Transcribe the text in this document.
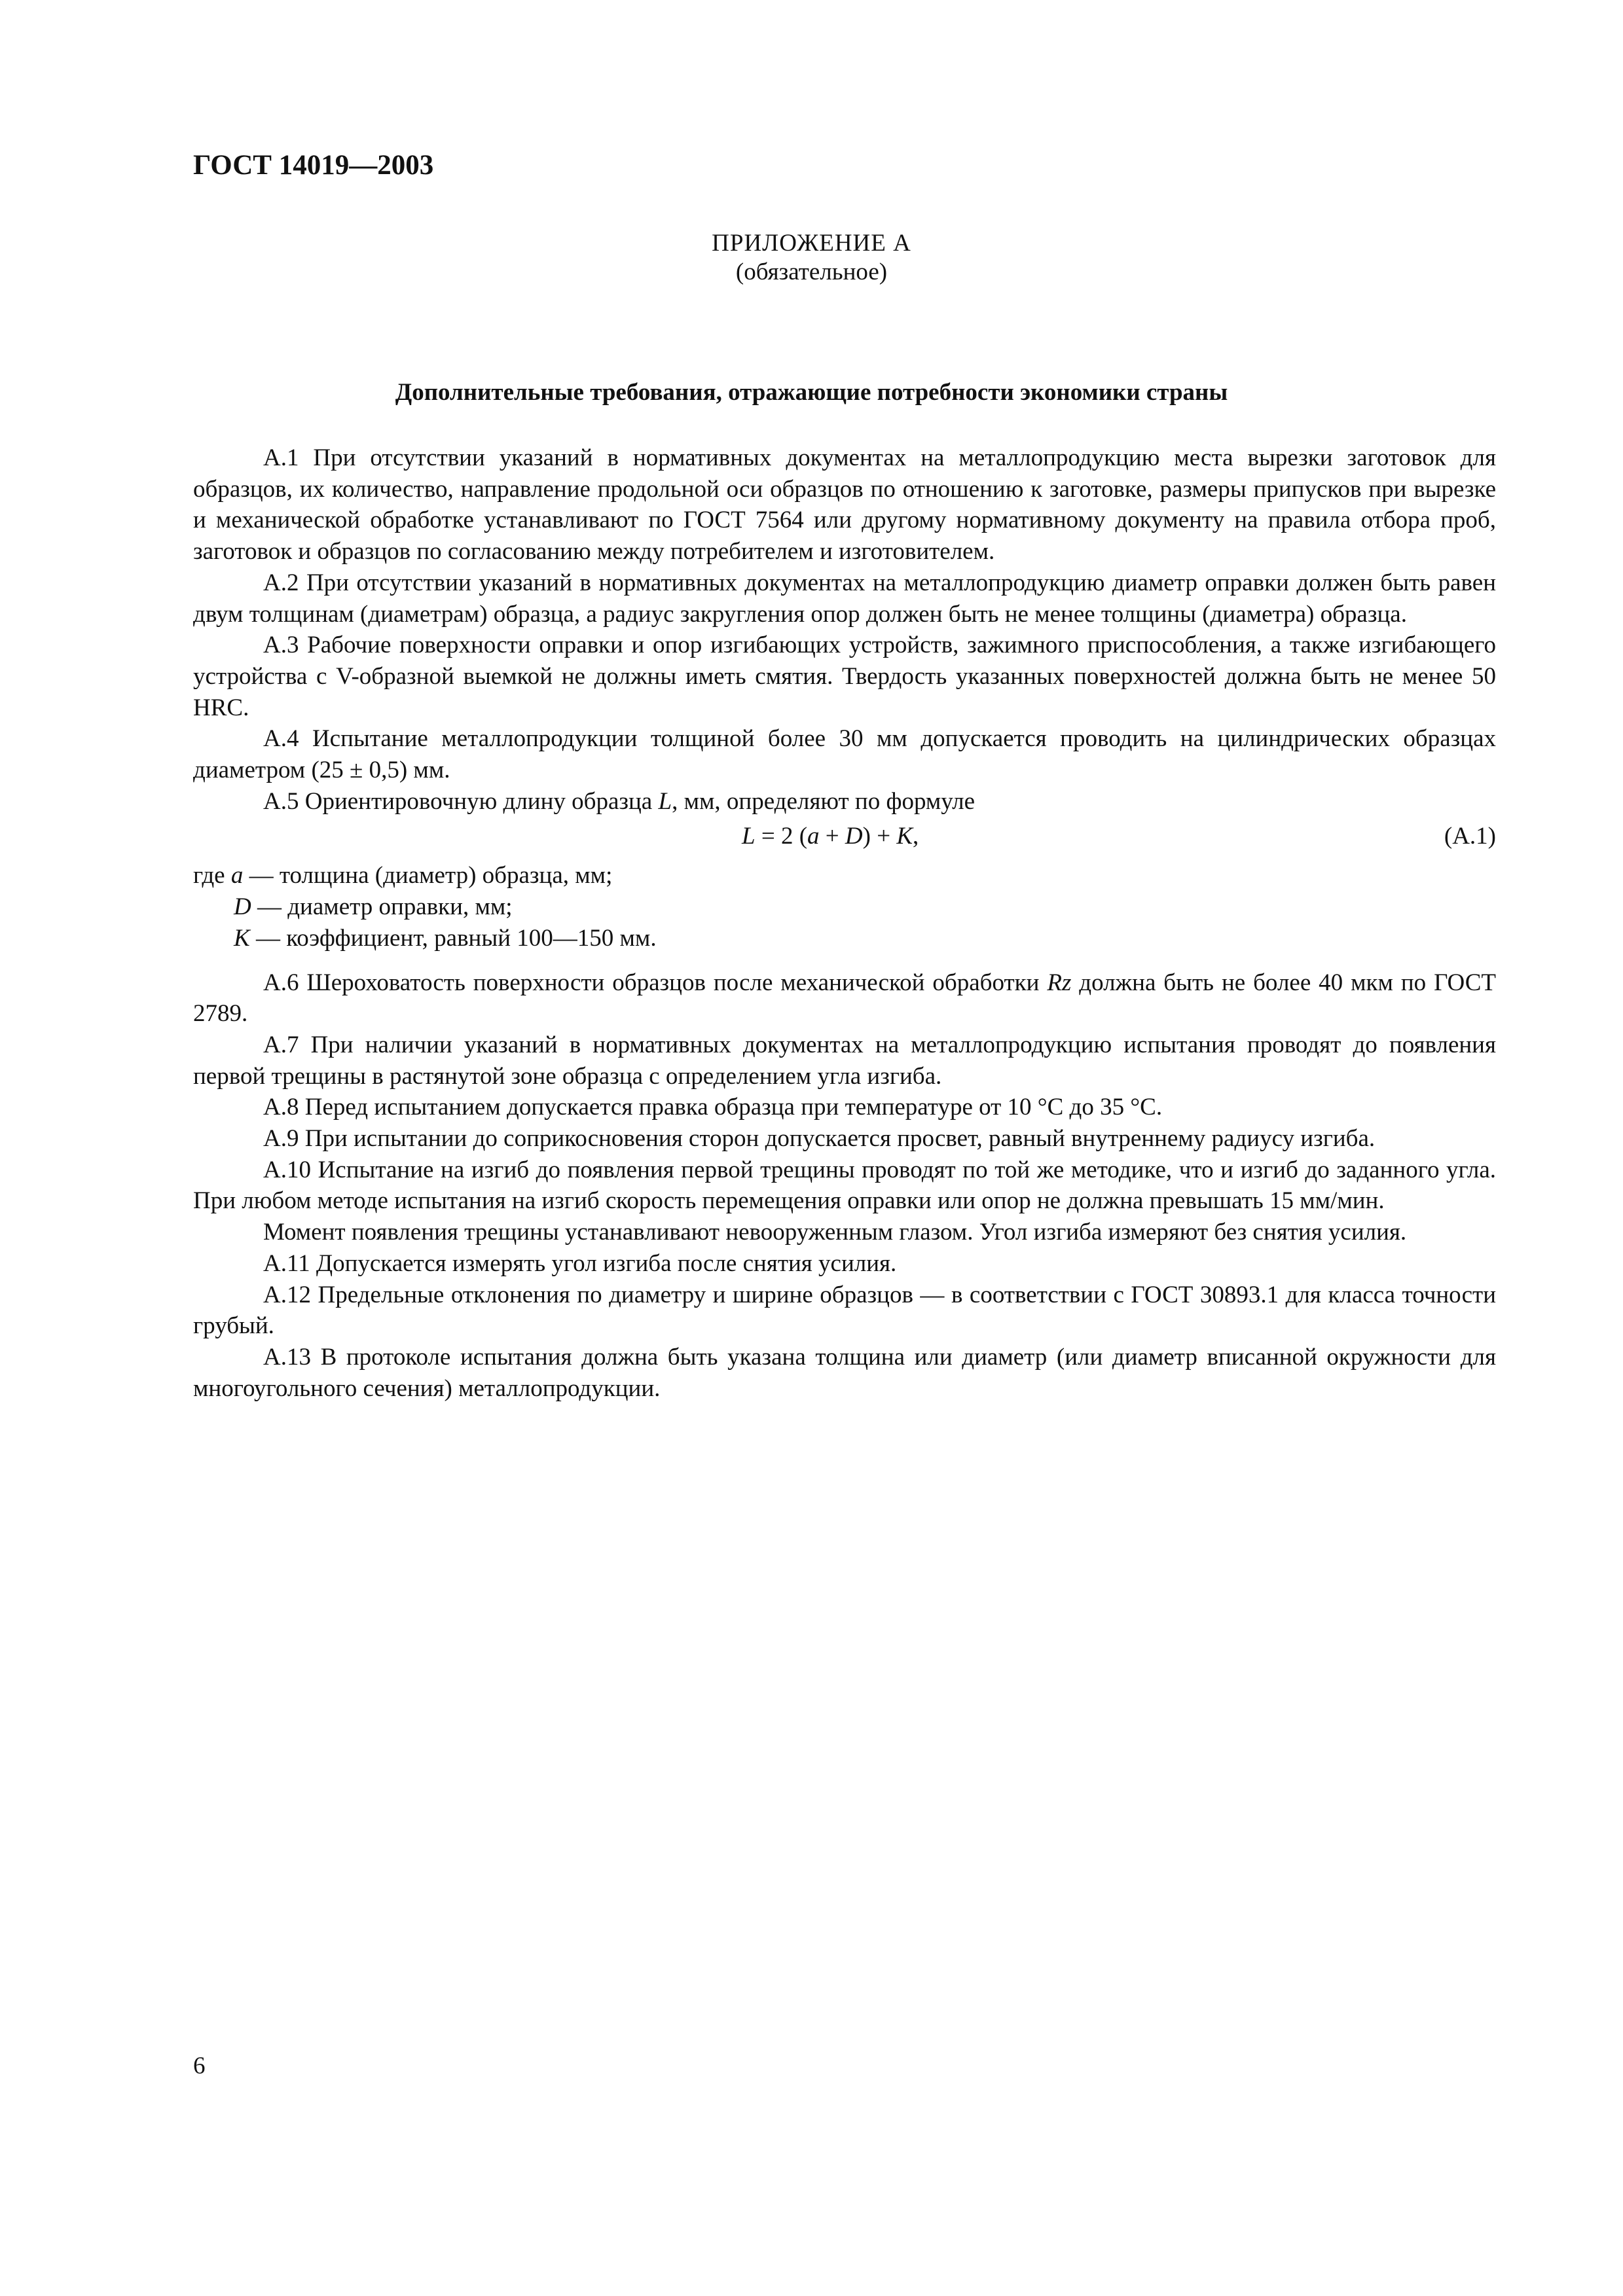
ГОСТ 14019—2003
ПРИЛОЖЕНИЕ А
(обязательное)
Дополнительные требования, отражающие потребности экономики страны

А.1 При отсутствии указаний в нормативных документах на металлопродукцию места вырезки заготовок для образцов, их количество, направление продольной оси образцов по отношению к заготовке, размеры припусков при вырезке и механической обработке устанавливают по ГОСТ 7564 или другому нормативному документу на правила отбора проб, заготовок и образцов по согласованию между потребителем и изготовителем.

А.2 При отсутствии указаний в нормативных документах на металлопродукцию диаметр оправки должен быть равен двум толщинам (диаметрам) образца, а радиус закругления опор должен быть не менее толщины (диаметра) образца.

А.3 Рабочие поверхности оправки и опор изгибающих устройств, зажимного приспособления, а также изгибающего устройства с V-образной выемкой не должны иметь смятия. Твердость указанных поверхностей должна быть не менее 50 HRC.

А.4 Испытание металлопродукции толщиной более 30 мм допускается проводить на цилиндрических образцах диаметром (25 ± 0,5) мм.

А.5 Ориентировочную длину образца L, мм, определяют по формуле

L = 2 (a + D) + K,	(А.1)
где a — толщина (диаметр) образца, мм;
D — диаметр оправки, мм;
K — коэффициент, равный 100—150 мм.

А.6 Шероховатость поверхности образцов после механической обработки Rz должна быть не более 40 мкм по ГОСТ 2789.

А.7 При наличии указаний в нормативных документах на металлопродукцию испытания проводят до появления первой трещины в растянутой зоне образца с определением угла изгиба.

А.8 Перед испытанием допускается правка образца при температуре от 10 °С до 35 °С.

А.9 При испытании до соприкосновения сторон допускается просвет, равный внутреннему радиусу изгиба.

А.10 Испытание на изгиб до появления первой трещины проводят по той же методике, что и изгиб до заданного угла. При любом методе испытания на изгиб скорость перемещения оправки или опор не должна превышать 15 мм/мин.

Момент появления трещины устанавливают невооруженным глазом. Угол изгиба измеряют без снятия усилия.

А.11 Допускается измерять угол изгиба после снятия усилия.

А.12 Предельные отклонения по диаметру и ширине образцов — в соответствии с ГОСТ 30893.1 для класса точности грубый.

А.13 В протоколе испытания должна быть указана толщина или диаметр (или диаметр вписанной окружности для многоугольного сечения) металлопродукции.

6
